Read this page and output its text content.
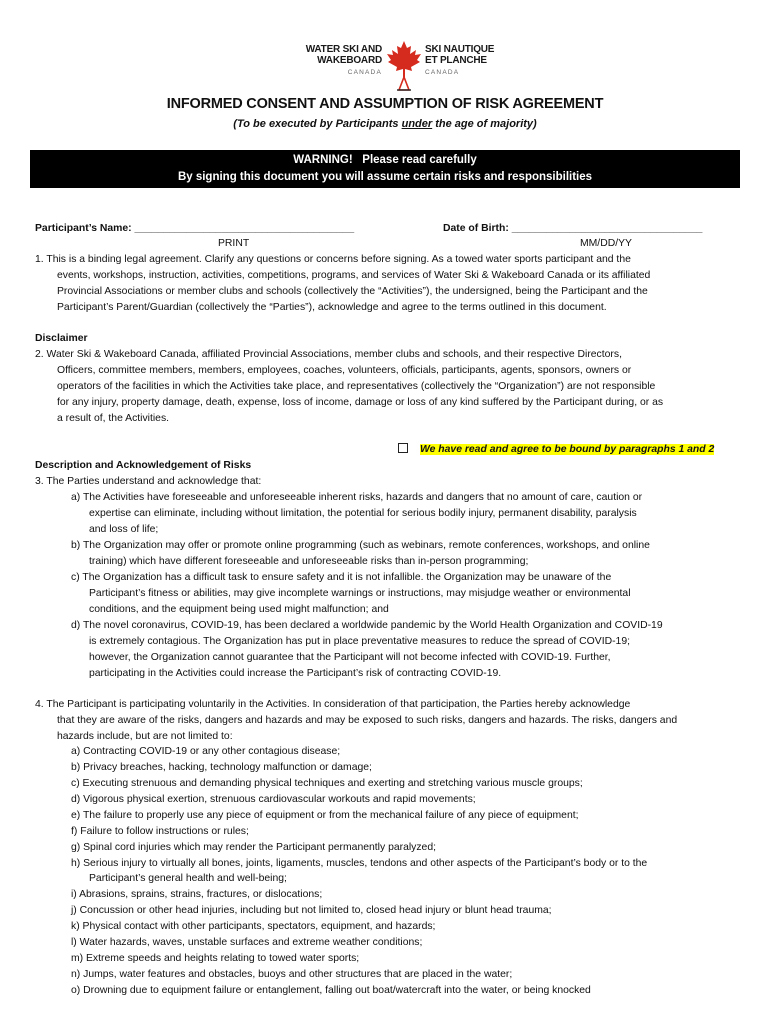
WATER SKI AND
WAKEBOARD
CANADA
SKI NAUTIQUE
ET PLANCHE
CANADA
INFORMED CONSENT AND ASSUMPTION OF RISK AGREEMENT
(To be executed by Participants under the age of majority)
WARNING!   Please read carefully
By signing this document you will assume certain risks and responsibilities
Participant’s Name: ______________________________________	Date of Birth: _________________________________
PRINT	MM/DD/YY
1. This is a binding legal agreement. Clarify any questions or concerns before signing. As a towed water sports participant and the
events, workshops, instruction, activities, competitions, programs, and services of Water Ski & Wakeboard Canada or its affiliated
Provincial Associations or member clubs and schools (collectively the “Activities”), the undersigned, being the Participant and the
Participant’s Parent/Guardian (collectively the “Parties”), acknowledge and agree to the terms outlined in this document.
Disclaimer
2. Water Ski & Wakeboard Canada, affiliated Provincial Associations, member clubs and schools, and their respective Directors,
Officers, committee members, members, employees, coaches, volunteers, officials, participants, agents, sponsors, owners or
operators of the facilities in which the Activities take place, and representatives (collectively the “Organization”) are not responsible
for any injury, property damage, death, expense, loss of income, damage or loss of any kind suffered by the Participant during, or as
a result of, the Activities.
We have read and agree to be bound by paragraphs 1 and 2
Description and Acknowledgement of Risks
3. The Parties understand and acknowledge that:
a) The Activities have foreseeable and unforeseeable inherent risks, hazards and dangers that no amount of care, caution or
expertise can eliminate, including without limitation, the potential for serious bodily injury, permanent disability, paralysis
and loss of life;
b) The Organization may offer or promote online programming (such as webinars, remote conferences, workshops, and online
training) which have different foreseeable and unforeseeable risks than in-person programming;
c) The Organization has a difficult task to ensure safety and it is not infallible. the Organization may be unaware of the
Participant’s fitness or abilities, may give incomplete warnings or instructions, may misjudge weather or environmental
conditions, and the equipment being used might malfunction; and
d) The novel coronavirus, COVID-19, has been declared a worldwide pandemic by the World Health Organization and COVID-19
is extremely contagious. The Organization has put in place preventative measures to reduce the spread of COVID-19;
however, the Organization cannot guarantee that the Participant will not become infected with COVID-19. Further,
participating in the Activities could increase the Participant’s risk of contracting COVID-19.
4. The Participant is participating voluntarily in the Activities. In consideration of that participation, the Parties hereby acknowledge
that they are aware of the risks, dangers and hazards and may be exposed to such risks, dangers and hazards. The risks, dangers and
hazards include, but are not limited to:
a) Contracting COVID-19 or any other contagious disease;
b) Privacy breaches, hacking, technology malfunction or damage;
c) Executing strenuous and demanding physical techniques and exerting and stretching various muscle groups;
d) Vigorous physical exertion, strenuous cardiovascular workouts and rapid movements;
e) The failure to properly use any piece of equipment or from the mechanical failure of any piece of equipment;
f) Failure to follow instructions or rules;
g) Spinal cord injuries which may render the Participant permanently paralyzed;
h) Serious injury to virtually all bones, joints, ligaments, muscles, tendons and other aspects of the Participant’s body or to the
Participant’s general health and well-being;
i) Abrasions, sprains, strains, fractures, or dislocations;
j) Concussion or other head injuries, including but not limited to, closed head injury or blunt head trauma;
k) Physical contact with other participants, spectators, equipment, and hazards;
l) Water hazards, waves, unstable surfaces and extreme weather conditions;
m) Extreme speeds and heights relating to towed water sports;
n) Jumps, water features and obstacles, buoys and other structures that are placed in the water;
o) Drowning due to equipment failure or entanglement, falling out boat/watercraft into the water, or being knocked
